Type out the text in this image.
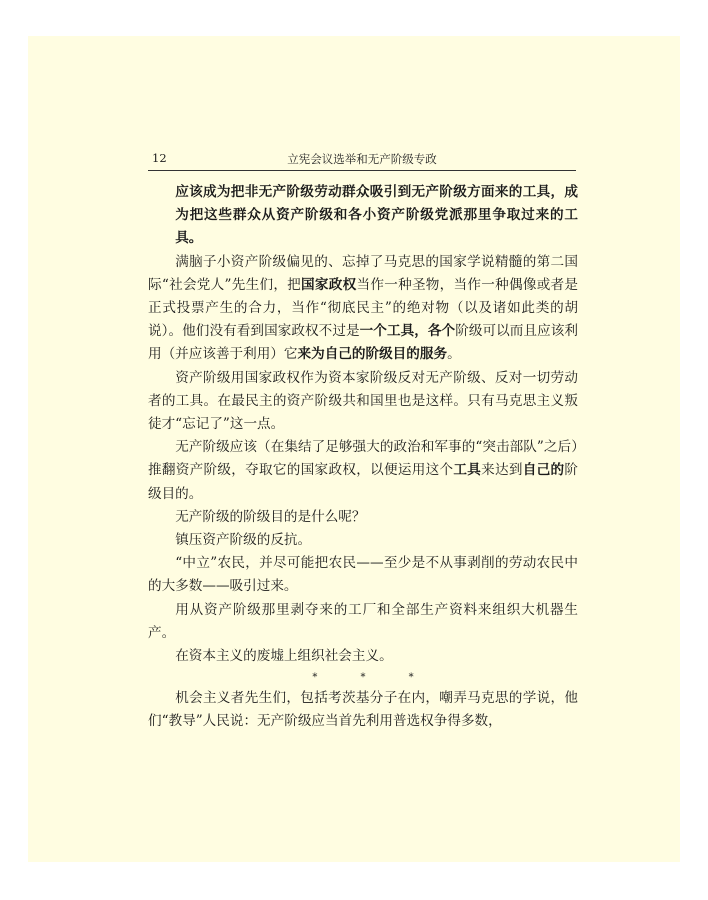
12	立宪会议选举和无产阶级专政

应该成为把非无产阶级劳动群众吸引到无产阶级方面来的工具，成为把这些群众从资产阶级和各小资产阶级党派那里争取过来的工具。

满脑子小资产阶级偏见的、忘掉了马克思的国家学说精髓的第二国际“社会党人”先生们，把国家政权当作一种圣物，当作一种偶像或者是正式投票产生的合力，当作“彻底民主”的绝对物（以及诸如此类的胡说）。他们没有看到国家政权不过是一个工具，各个阶级可以而且应该利用（并应该善于利用）它来为自己的阶级目的服务。

资产阶级用国家政权作为资本家阶级反对无产阶级、反对一切劳动者的工具。在最民主的资产阶级共和国里也是这样。只有马克思主义叛徒才“忘记了”这一点。

无产阶级应该（在集结了足够强大的政治和军事的“突击部队”之后）推翻资产阶级，夺取它的国家政权，以便运用这个工具来达到自己的阶级目的。

无产阶级的阶级目的是什么呢？

镇压资产阶级的反抗。

“中立”农民，并尽可能把农民——至少是不从事剥削的劳动农民中的大多数——吸引过来。

用从资产阶级那里剥夺来的工厂和全部生产资料来组织大机器生产。

在资本主义的废墟上组织社会主义。

* * *

机会主义者先生们，包括考茨基分子在内，嘲弄马克思的学说，他们“教导”人民说：无产阶级应当首先利用普选权争得多数，
